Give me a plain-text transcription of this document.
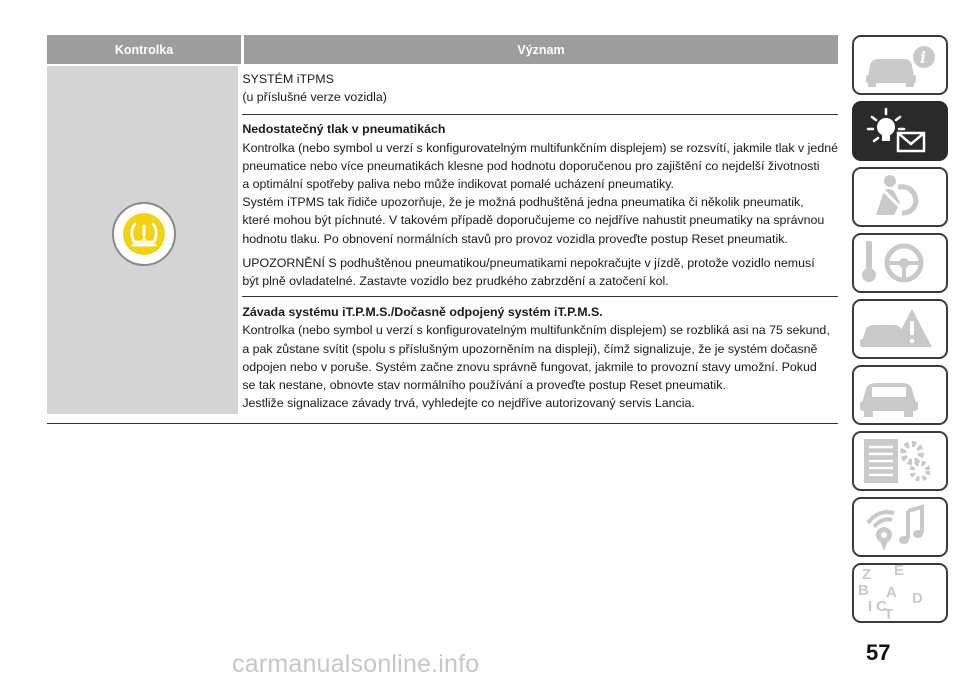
Kontrolka	Význam
SYSTÉM iTPMS
(u příslušné verze vozidla)
Nedostatečný tlak v pneumatikách
Kontrolka (nebo symbol u verzí s konfigurovatelným multifunkčním displejem) se rozsvítí, jakmile tlak v jedné
pneumatice nebo více pneumatikách klesne pod hodnotu doporučenou pro zajištění co nejdelší životnosti
a optimální spotřeby paliva nebo může indikovat pomalé ucházení pneumatiky.
Systém iTPMS tak řidiče upozorňuje, že je možná podhuštěná jedna pneumatika či několik pneumatik,
které mohou být píchnuté. V takovém případě doporučujeme co nejdříve nahustit pneumatiky na správnou
hodnotu tlaku. Po obnovení normálních stavů pro provoz vozidla proveďte postup Reset pneumatik.
UPOZORNĚNÍ S podhuštěnou pneumatikou/pneumatikami nepokračujte v jízdě, protože vozidlo nemusí
být plně ovladatelné. Zastavte vozidlo bez prudkého zabrzdění a zatočení kol.
Závada systému iT.P.M.S./Dočasně odpojený systém iT.P.M.S.
Kontrolka (nebo symbol u verzí s konfigurovatelným multifunkčním displejem) se rozbliká asi na 75 sekund,
a pak zůstane svítit (spolu s příslušným upozorněním na displeji), čímž signalizuje, že je systém dočasně
odpojen nebo v poruše. Systém začne znovu správně fungovat, jakmile to provozní stavy umožní. Pokud
se tak nestane, obnovte stav normálního používání a proveďte postup Reset pneumatik.
Jestliže signalizace závady trvá, vyhledejte co nejdříve autorizovaný servis Lancia.
i
Z E
B A
C
I T
D
57
carmanualsonline.info
